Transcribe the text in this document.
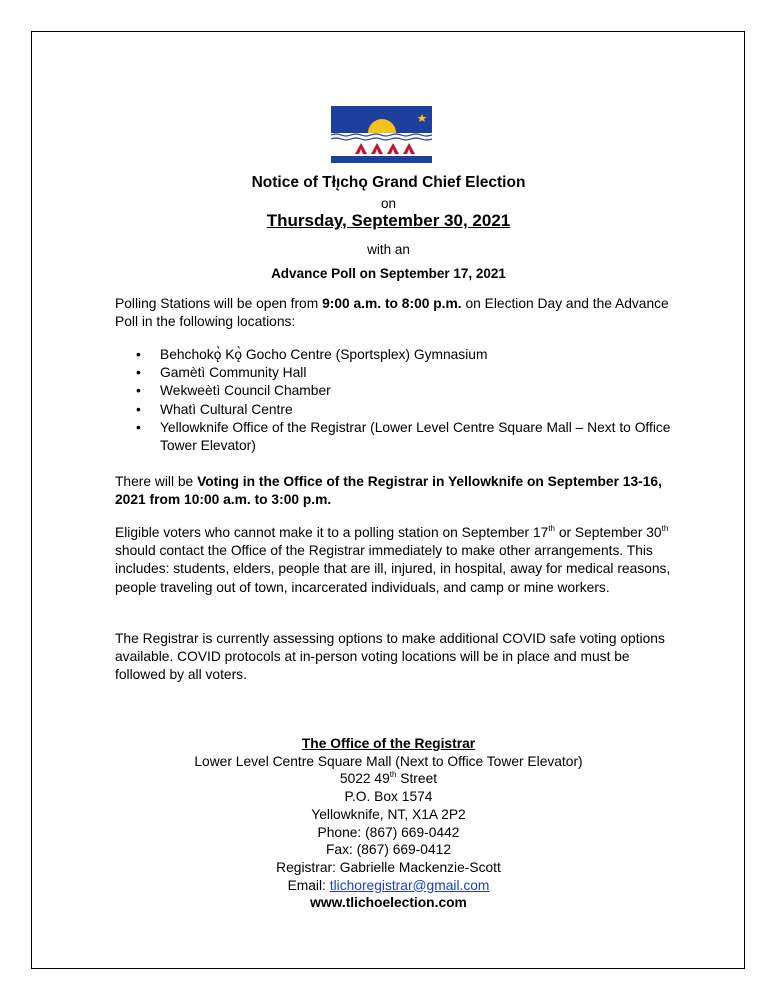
Notice of Tłı̨chǫ Grand Chief Election
on
Thursday, September 30, 2021
with an
Advance Poll on September 17, 2021
Polling Stations will be open from 9:00 a.m. to 8:00 p.m. on Election Day and the Advance Poll in the following locations:
• Behchokǫ̀ Kǫ̀ Gocho Centre (Sportsplex) Gymnasium
• Gamètì Community Hall
• Wekweètì Council Chamber
• Whatì Cultural Centre
• Yellowknife Office of the Registrar (Lower Level Centre Square Mall – Next to Office Tower Elevator)
There will be Voting in the Office of the Registrar in Yellowknife on September 13-16, 2021 from 10:00 a.m. to 3:00 p.m.
Eligible voters who cannot make it to a polling station on September 17th or September 30th should contact the Office of the Registrar immediately to make other arrangements. This includes: students, elders, people that are ill, injured, in hospital, away for medical reasons, people traveling out of town, incarcerated individuals, and camp or mine workers.
The Registrar is currently assessing options to make additional COVID safe voting options available. COVID protocols at in-person voting locations will be in place and must be followed by all voters.
The Office of the Registrar
Lower Level Centre Square Mall (Next to Office Tower Elevator)
5022 49th Street
P.O. Box 1574
Yellowknife, NT, X1A 2P2
Phone: (867) 669-0442
Fax: (867) 669-0412
Registrar: Gabrielle Mackenzie-Scott
Email: tlichoregistrar@gmail.com
www.tlichoelection.com
